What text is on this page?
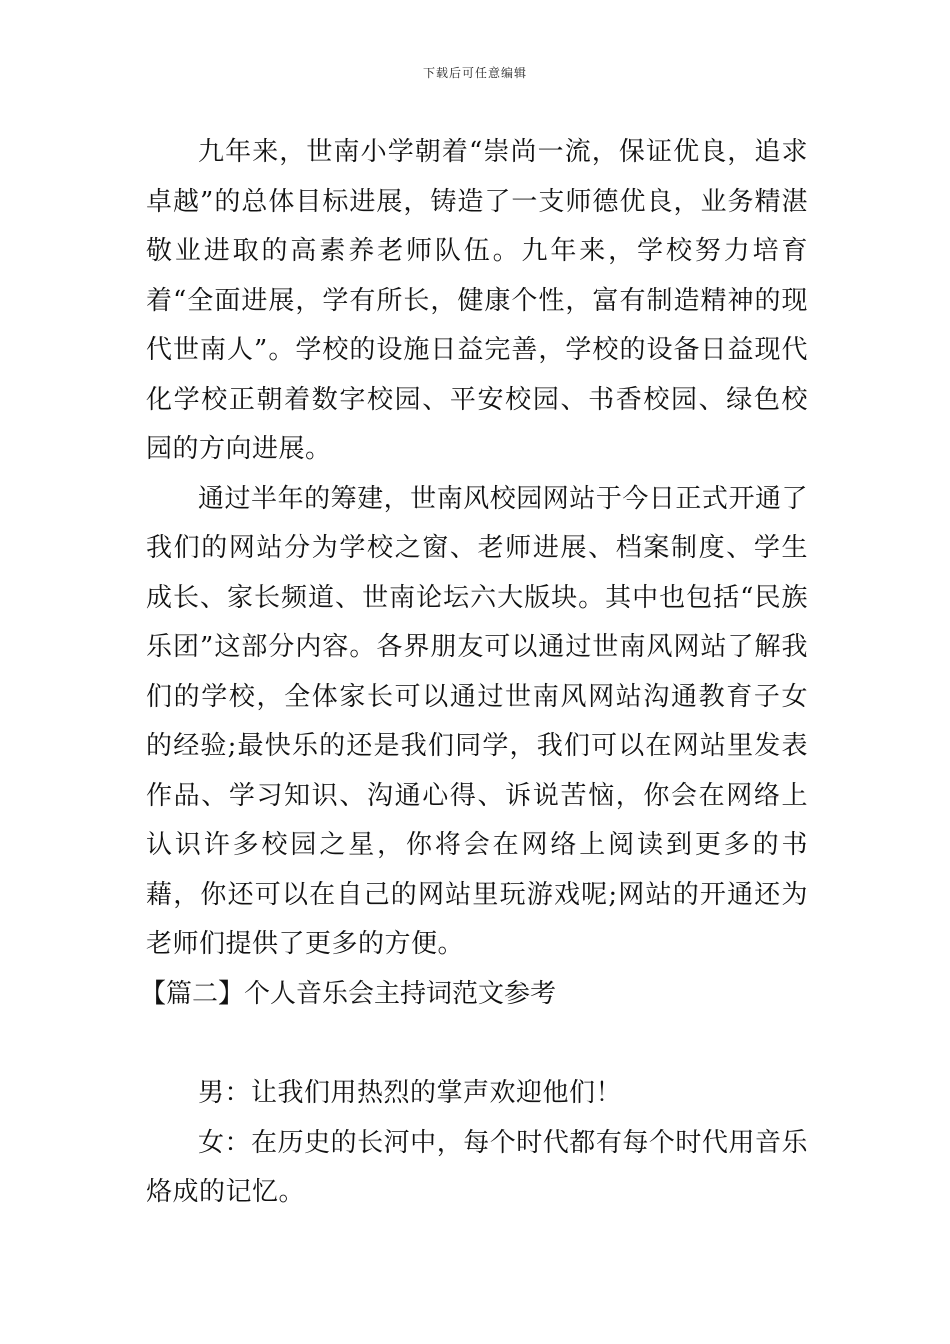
下载后可任意编辑

九年来，世南小学朝着“崇尚一流，保证优良，追求卓越”的总体目标进展，铸造了一支师德优良，业务精湛敬业进取的高素养老师队伍。九年来，学校努力培育着“全面进展，学有所长，健康个性，富有制造精神的现代世南人”。学校的设施日益完善，学校的设备日益现代化学校正朝着数字校园、平安校园、书香校园、绿色校园的方向进展。

通过半年的筹建，世南风校园网站于今日正式开通了我们的网站分为学校之窗、老师进展、档案制度、学生成长、家长频道、世南论坛六大版块。其中也包括“民族乐团”这部分内容。各界朋友可以通过世南风网站了解我们的学校，全体家长可以通过世南风网站沟通教育子女的经验;最快乐的还是我们同学，我们可以在网站里发表作品、学习知识、沟通心得、诉说苦恼，你会在网络上认识许多校园之星，你将会在网络上阅读到更多的书藉，你还可以在自己的网站里玩游戏呢;网站的开通还为老师们提供了更多的方便。

【篇二】个人音乐会主持词范文参考

男：让我们用热烈的掌声欢迎他们！

女：在历史的长河中，每个时代都有每个时代用音乐烙成的记忆。
